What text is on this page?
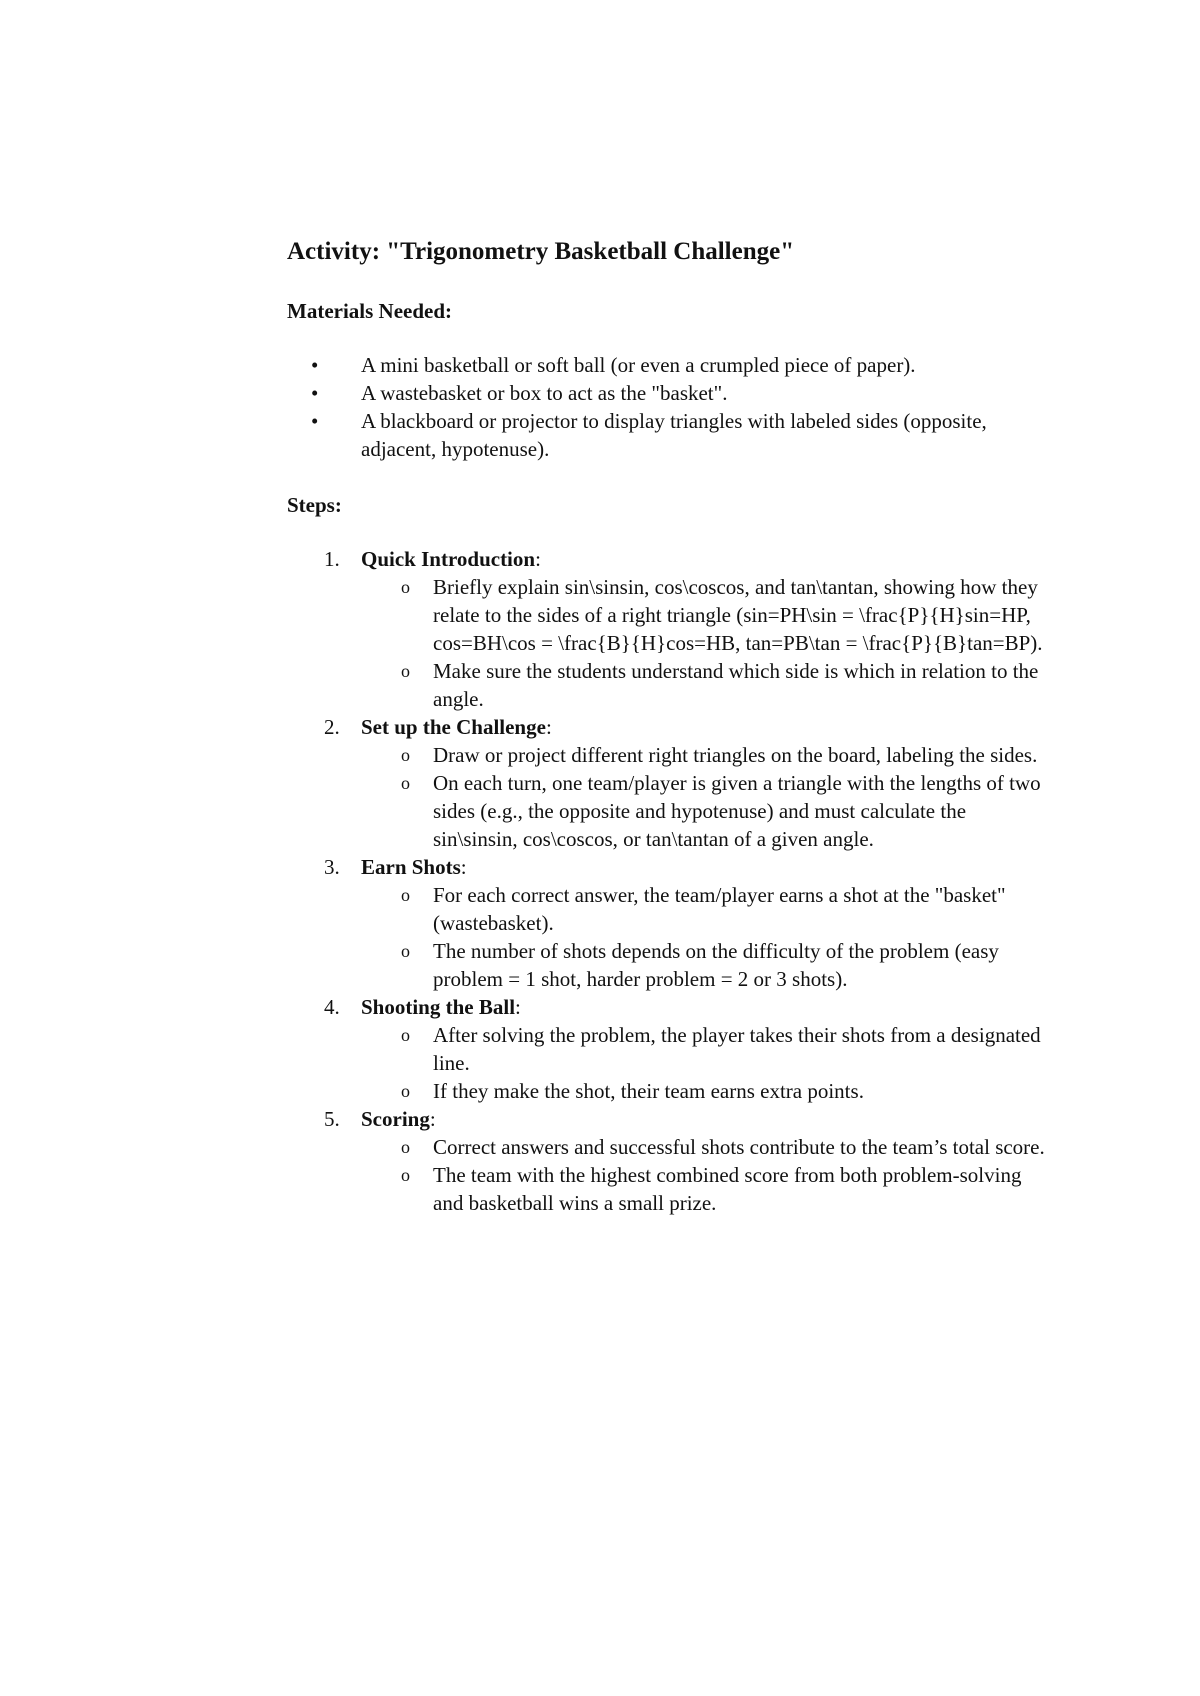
Activity: "Trigonometry Basketball Challenge"

Materials Needed:

• A mini basketball or soft ball (or even a crumpled piece of paper).
• A wastebasket or box to act as the "basket".
• A blackboard or projector to display triangles with labeled sides (opposite, adjacent, hypotenuse).

Steps:

1. Quick Introduction:
o Briefly explain sin\sinsin, cos\coscos, and tan\tantan, showing how they relate to the sides of a right triangle (sin=PH\sin = \frac{P}{H}sin=HP, cos=BH\cos = \frac{B}{H}cos=HB, tan=PB\tan = \frac{P}{B}tan=BP).
o Make sure the students understand which side is which in relation to the angle.
2. Set up the Challenge:
o Draw or project different right triangles on the board, labeling the sides.
o On each turn, one team/player is given a triangle with the lengths of two sides (e.g., the opposite and hypotenuse) and must calculate the sin\sinsin, cos\coscos, or tan\tantan of a given angle.
3. Earn Shots:
o For each correct answer, the team/player earns a shot at the "basket" (wastebasket).
o The number of shots depends on the difficulty of the problem (easy problem = 1 shot, harder problem = 2 or 3 shots).
4. Shooting the Ball:
o After solving the problem, the player takes their shots from a designated line.
o If they make the shot, their team earns extra points.
5. Scoring:
o Correct answers and successful shots contribute to the team’s total score.
o The team with the highest combined score from both problem-solving and basketball wins a small prize.
